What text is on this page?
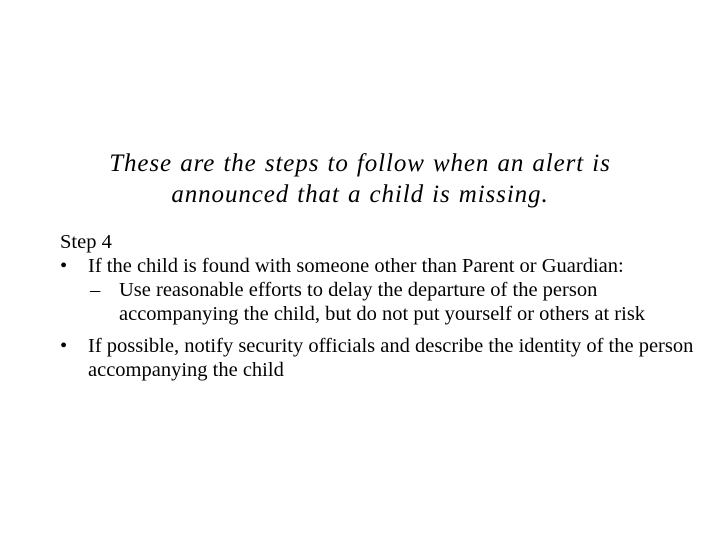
These are the steps to follow when an alert is
announced that a child is missing.

Step 4

• If the child is found with someone other than Parent or Guardian:
– Use reasonable efforts to delay the departure of the person accompanying the child, but do not put yourself or others at risk
• If possible, notify security officials and describe the identity of the person accompanying the child
